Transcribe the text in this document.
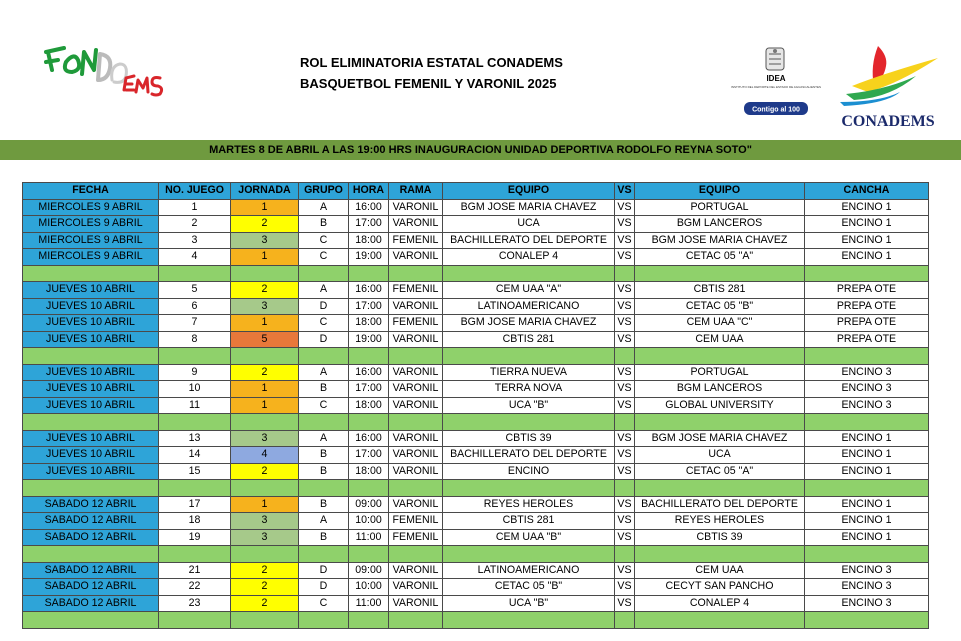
CONADEMS
ROL ELIMINATORIA ESTATAL CONADEMS
BASQUETBOL FEMENIL Y VARONIL 2025	IDEA
INSTITUTO DEL DEPORTE DEL ESTADO DE AGUASCALIENTES
Contigo al 100
CONADEMS
MARTES 8 DE ABRIL A LAS 19:00 HRS INAUGURACION UNIDAD DEPORTIVA RODOLFO REYNA SOTO"
FECHA	NO. JUEGO	JORNADA	GRUPO	HORA	RAMA	EQUIPO	VS	EQUIPO	CANCHA
MIERCOLES 9 ABRIL	1	1	A	16:00	VARONIL	BGM JOSE MARIA CHAVEZ	VS	PORTUGAL	ENCINO 1
MIERCOLES 9 ABRIL	2	2	B	17:00	VARONIL	UCA	VS	BGM LANCEROS	ENCINO 1
MIERCOLES 9 ABRIL	3	3	C	18:00	FEMENIL	BACHILLERATO DEL DEPORTE	VS	BGM JOSE MARIA CHAVEZ	ENCINO 1
MIERCOLES 9 ABRIL	4	1	C	19:00	VARONIL	CONALEP 4	VS	CETAC 05 "A"	ENCINO 1

JUEVES 10 ABRIL	5	2	A	16:00	FEMENIL	CEM UAA "A"	VS	CBTIS 281	PREPA OTE
JUEVES 10 ABRIL	6	3	D	17:00	VARONIL	LATINOAMERICANO	VS	CETAC 05 "B"	PREPA OTE
JUEVES 10 ABRIL	7	1	C	18:00	FEMENIL	BGM JOSE MARIA CHAVEZ	VS	CEM UAA "C"	PREPA OTE
JUEVES 10 ABRIL	8	5	D	19:00	VARONIL	CBTIS 281	VS	CEM UAA	PREPA OTE

JUEVES 10 ABRIL	9	2	A	16:00	VARONIL	TIERRA NUEVA	VS	PORTUGAL	ENCINO 3
JUEVES 10 ABRIL	10	1	B	17:00	VARONIL	TERRA NOVA	VS	BGM LANCEROS	ENCINO 3
JUEVES 10 ABRIL	11	1	C	18:00	VARONIL	UCA "B"	VS	GLOBAL UNIVERSITY	ENCINO 3

JUEVES 10 ABRIL	13	3	A	16:00	VARONIL	CBTIS 39	VS	BGM JOSE MARIA CHAVEZ	ENCINO 1
JUEVES 10 ABRIL	14	4	B	17:00	VARONIL	BACHILLERATO DEL DEPORTE	VS	UCA	ENCINO 1
JUEVES 10 ABRIL	15	2	B	18:00	VARONIL	ENCINO	VS	CETAC 05 "A"	ENCINO 1

SABADO 12 ABRIL	17	1	B	09:00	VARONIL	REYES HEROLES	VS	BACHILLERATO DEL DEPORTE	ENCINO 1
SABADO 12 ABRIL	18	3	A	10:00	FEMENIL	CBTIS 281	VS	REYES HEROLES	ENCINO 1
SABADO 12 ABRIL	19	3	B	11:00	FEMENIL	CEM UAA "B"	VS	CBTIS 39	ENCINO 1

SABADO 12 ABRIL	21	2	D	09:00	VARONIL	LATINOAMERICANO	VS	CEM UAA	ENCINO 3
SABADO 12 ABRIL	22	2	D	10:00	VARONIL	CETAC 05 "B"	VS	CECYT SAN PANCHO	ENCINO 3
SABADO 12 ABRIL	23	2	C	11:00	VARONIL	UCA "B"	VS	CONALEP 4	ENCINO 3
